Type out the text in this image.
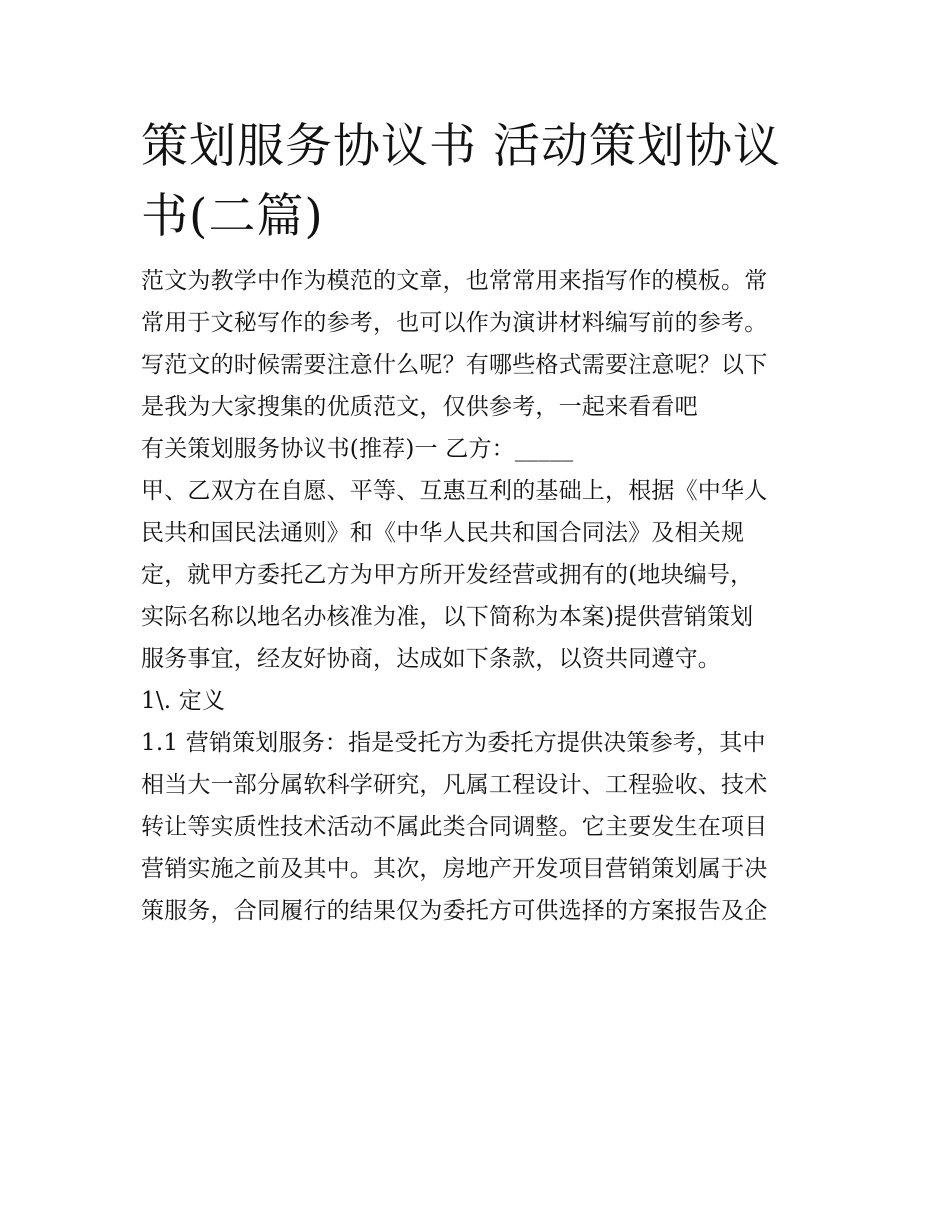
策划服务协议书 活动策划协议
书(二篇)

范文为教学中作为模范的文章，也常常用来指写作的模板。常
常用于文秘写作的参考，也可以作为演讲材料编写前的参考。
写范文的时候需要注意什么呢？有哪些格式需要注意呢？以下
是我为大家搜集的优质范文，仅供参考，一起来看看吧

有关策划服务协议书(推荐)一 乙方：_____

甲、乙双方在自愿、平等、互惠互利的基础上，根据《中华人
民共和国民法通则》和《中华人民共和国合同法》及相关规
定，就甲方委托乙方为甲方所开发经营或拥有的(地块编号，
实际名称以地名办核准为准，以下简称为本案)提供营销策划
服务事宜，经友好协商，达成如下条款，以资共同遵守。

1\. 定义

1.1 营销策划服务：指是受托方为委托方提供决策参考，其中
相当大一部分属软科学研究，凡属工程设计、工程验收、技术
转让等实质性技术活动不属此类合同调整。它主要发生在项目
营销实施之前及其中。其次，房地产开发项目营销策划属于决
策服务，合同履行的结果仅为委托方可供选择的方案报告及企
